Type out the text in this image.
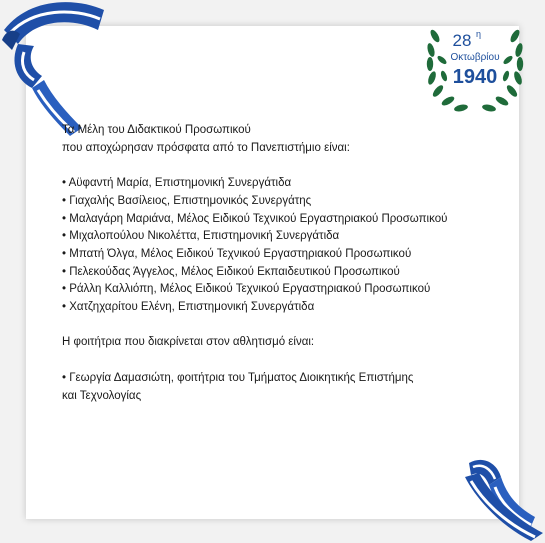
28 η
Οκτωβρίου
1940

Τα Μέλη του Διδακτικού Προσωπικού

που αποχώρησαν πρόσφατα από το Πανεπιστήμιο είναι:

• Αϋφαντή Μαρία, Επιστημονική Συνεργάτιδα
• Γιαχαλής Βασίλειος, Επιστημονικός Συνεργάτης
• Μαλαγάρη Μαριάνα, Μέλος Ειδικού Τεχνικού Εργαστηριακού Προσωπικού
• Μιχαλοπούλου Νικολέττα, Επιστημονική Συνεργάτιδα
• Μπατή Όλγα, Μέλος Ειδικού Τεχνικού Εργαστηριακού Προσωπικού
• Πελεκούδας Άγγελος, Μέλος Ειδικού Εκπαιδευτικού Προσωπικού
• Ράλλη Καλλιόπη, Μέλος Ειδικού Τεχνικού Εργαστηριακού Προσωπικού
• Χατζηχαρίτου Ελένη, Επιστημονική Συνεργάτιδα

Η φοιτήτρια που διακρίνεται στον αθλητισμό είναι:

• Γεωργία Δαμασιώτη, φοιτήτρια του Τμήματος Διοικητικής Επιστήμης

και Τεχνολογίας
